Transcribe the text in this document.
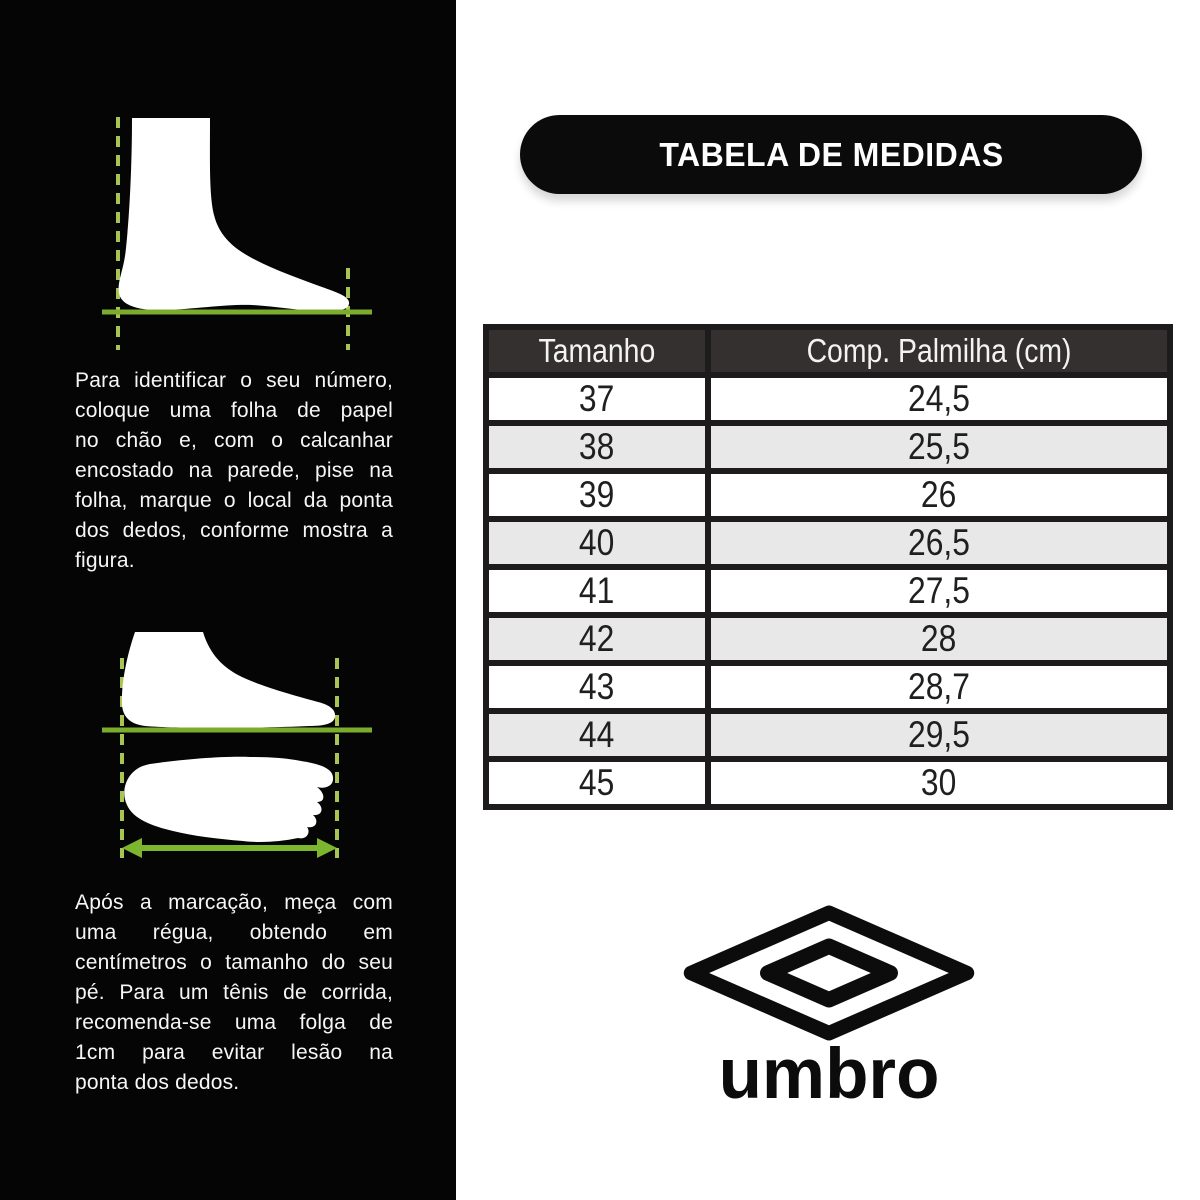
Para identificar o seu número,
coloque uma folha de papel
no chão e, com o calcanhar
encostado na parede, pise na
folha, marque o local da ponta
dos dedos, conforme mostra a
figura.
Após a marcação, meça com
uma régua, obtendo em
centímetros o tamanho do seu
pé. Para um tênis de corrida,
recomenda-se uma folga de
1cm para evitar lesão na
ponta dos dedos.
TABELA DE MEDIDAS
Tamanho	Comp. Palmilha (cm)
37	24,5
38	25,5
39	26
40	26,5
41	27,5
42	28
43	28,7
44	29,5
45	30
umbro
